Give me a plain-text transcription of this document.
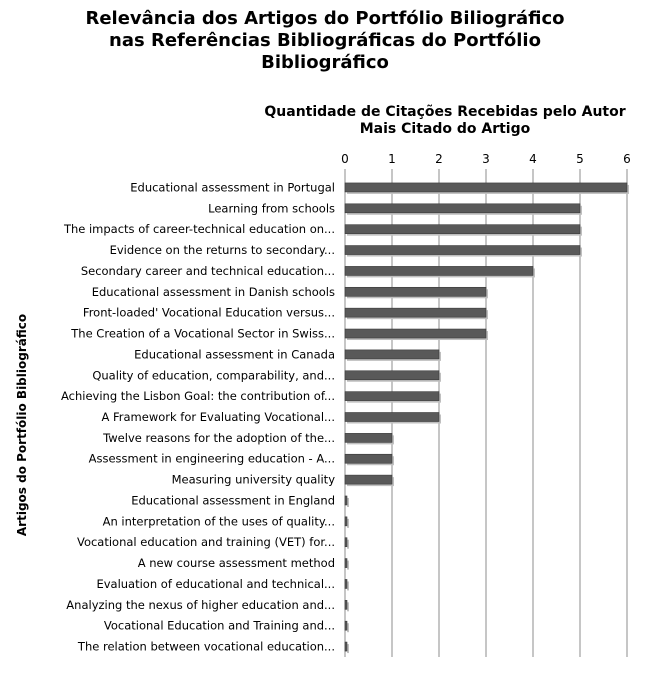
Relevância dos Artigos do Portfólio Biliográfico
nas Referências Bibliográficas do Portfólio
Bibliográfico
Quantidade de Citações Recebidas pelo Autor
Mais Citado do Artigo
Artigos do Portfólio Bibliográfico
0	1	2	3	4	5	6
Educational assessment in Portugal
Learning from schools
The impacts of career-technical education on...
Evidence on the returns to secondary...
Secondary career and technical education...
Educational assessment in Danish schools
Front-loaded' Vocational Education versus...
The Creation of a Vocational Sector in Swiss...
Educational assessment in Canada
Quality of education, comparability, and...
Achieving the Lisbon Goal: the contribution of...
A Framework for Evaluating Vocational...
Twelve reasons for the adoption of the...
Assessment in engineering education - A...
Measuring university quality
Educational assessment in England
An interpretation of the uses of quality...
Vocational education and training (VET) for...
A new course assessment method
Evaluation of educational and technical...
Analyzing the nexus of higher education and...
Vocational Education and Training and...
The relation between vocational education...
